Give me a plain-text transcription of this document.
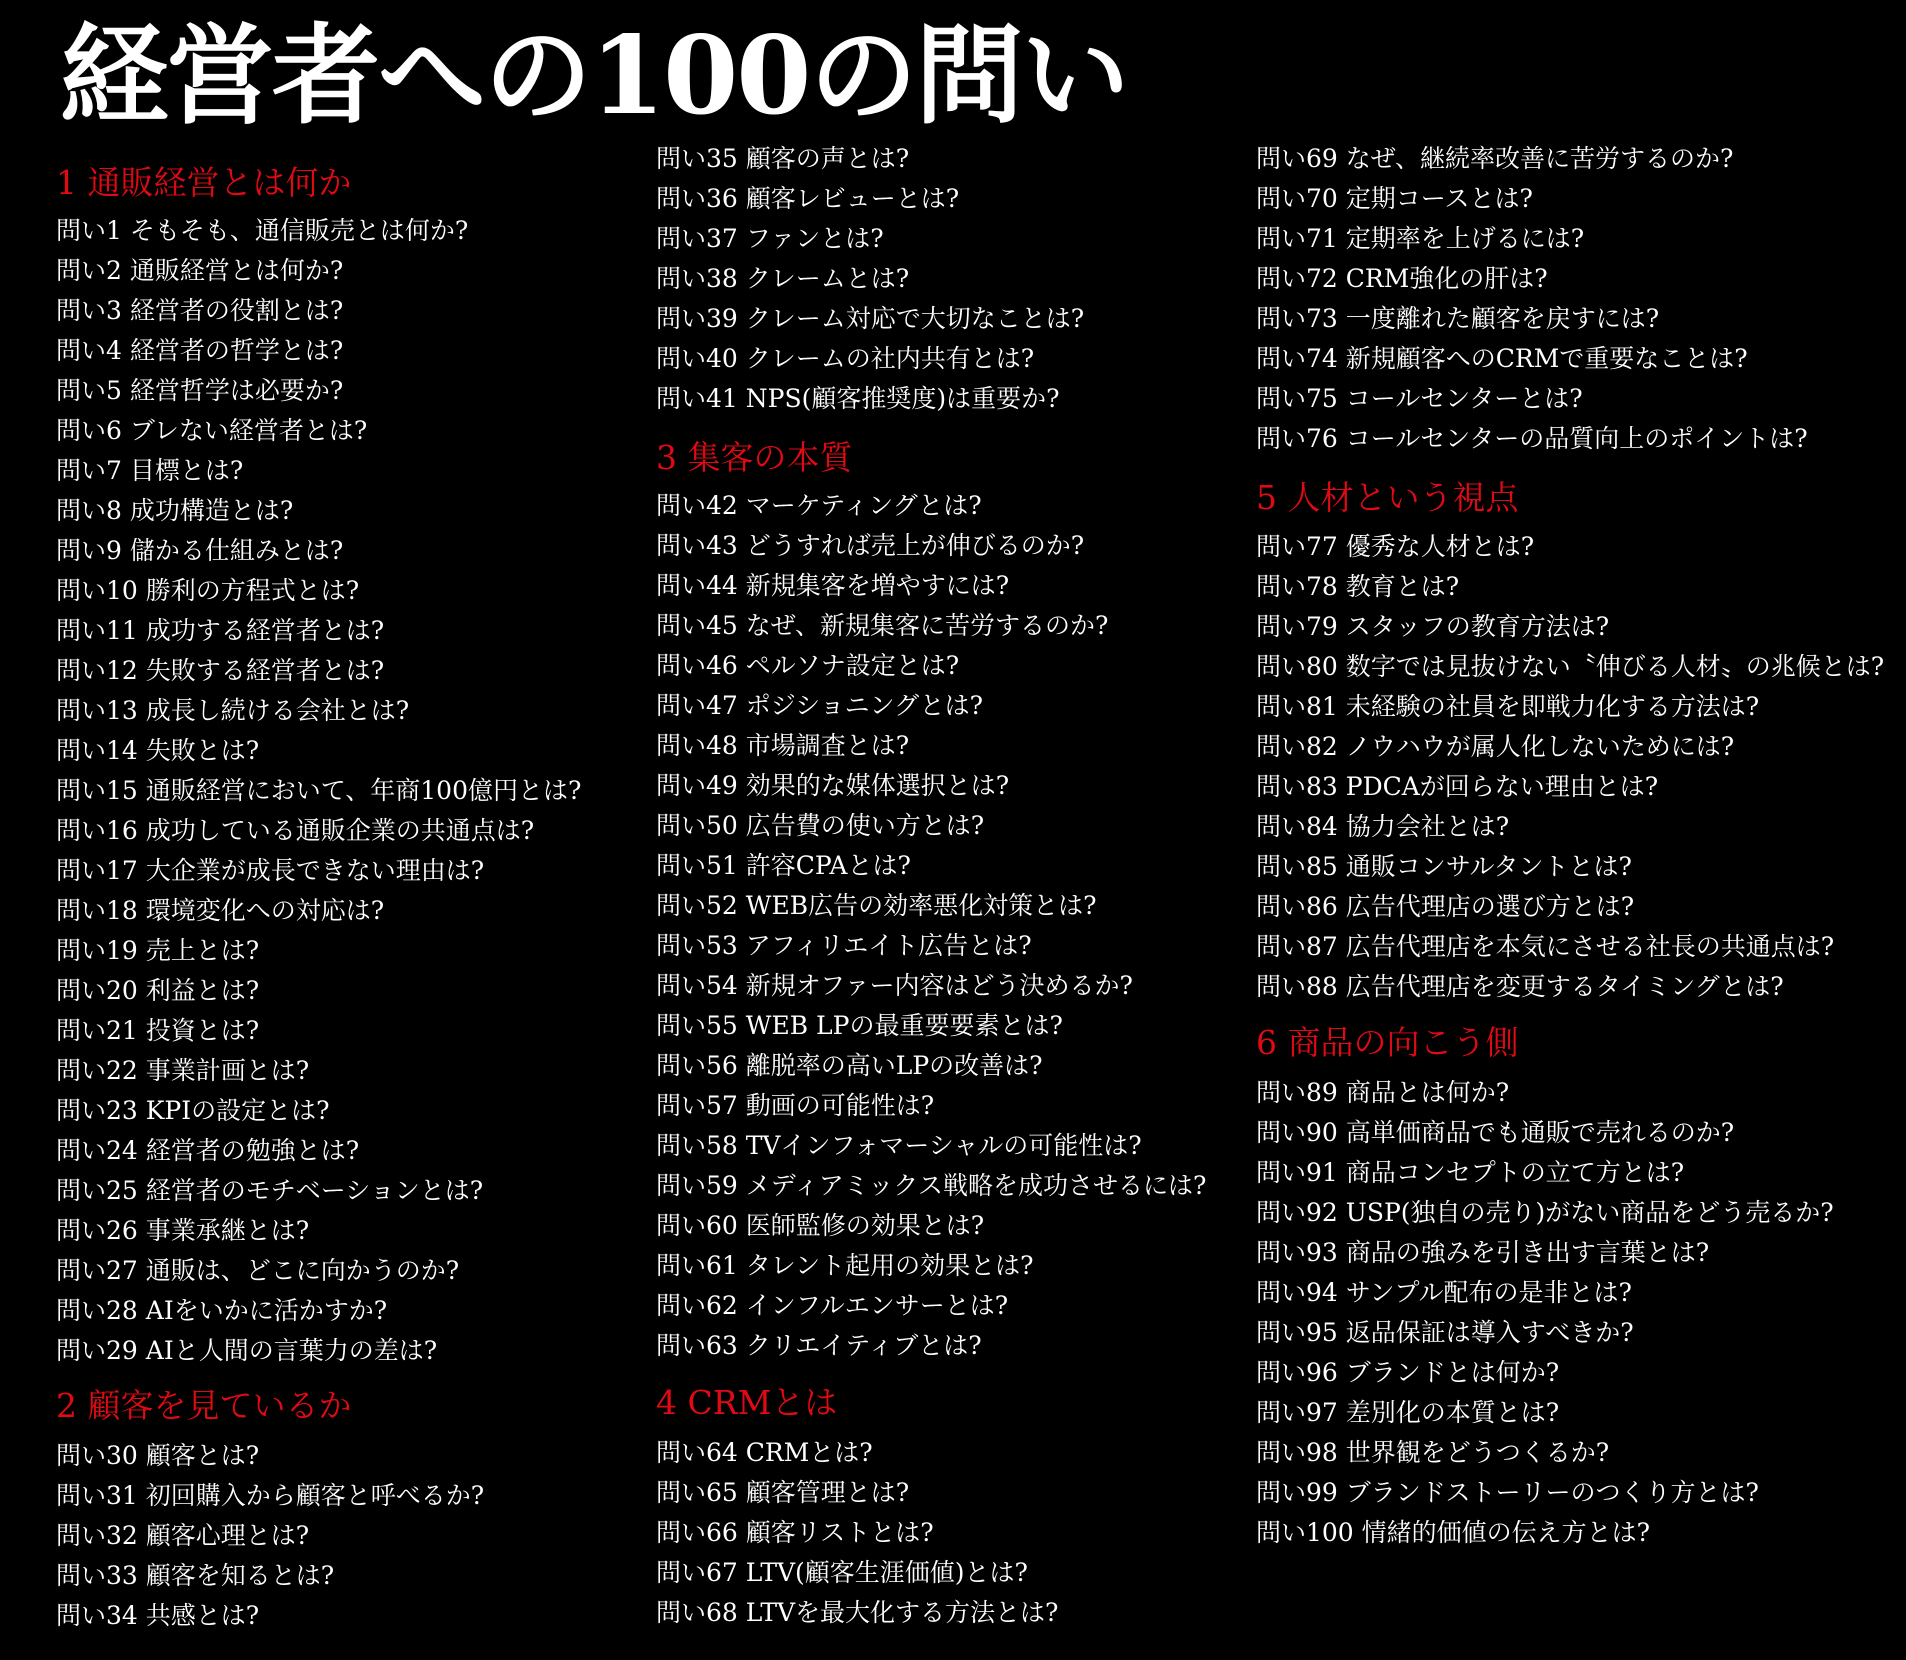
経営者への100の問い
1 通販経営とは何か
問い1 そもそも、通信販売とは何か?
問い2 通販経営とは何か?
問い3 経営者の役割とは?
問い4 経営者の哲学とは?
問い5 経営哲学は必要か?
問い6 ブレない経営者とは?
問い7 目標とは?
問い8 成功構造とは?
問い9 儲かる仕組みとは?
問い10 勝利の方程式とは?
問い11 成功する経営者とは?
問い12 失敗する経営者とは?
問い13 成長し続ける会社とは?
問い14 失敗とは?
問い15 通販経営において、年商100億円とは?
問い16 成功している通販企業の共通点は?
問い17 大企業が成長できない理由は?
問い18 環境変化への対応は?
問い19 売上とは?
問い20 利益とは?
問い21 投資とは?
問い22 事業計画とは?
問い23 KPIの設定とは?
問い24 経営者の勉強とは?
問い25 経営者のモチベーションとは?
問い26 事業承継とは?
問い27 通販は、どこに向かうのか?
問い28 AIをいかに活かすか?
問い29 AIと人間の言葉力の差は?
2 顧客を見ているか
問い30 顧客とは?
問い31 初回購入から顧客と呼べるか?
問い32 顧客心理とは?
問い33 顧客を知るとは?
問い34 共感とは?
問い35 顧客の声とは?
問い36 顧客レビューとは?
問い37 ファンとは?
問い38 クレームとは?
問い39 クレーム対応で大切なことは?
問い40 クレームの社内共有とは?
問い41 NPS(顧客推奨度)は重要か?
3 集客の本質
問い42 マーケティングとは?
問い43 どうすれば売上が伸びるのか?
問い44 新規集客を増やすには?
問い45 なぜ、新規集客に苦労するのか?
問い46 ペルソナ設定とは?
問い47 ポジショニングとは?
問い48 市場調査とは?
問い49 効果的な媒体選択とは?
問い50 広告費の使い方とは?
問い51 許容CPAとは?
問い52 WEB広告の効率悪化対策とは?
問い53 アフィリエイト広告とは?
問い54 新規オファー内容はどう決めるか?
問い55 WEB LPの最重要要素とは?
問い56 離脱率の高いLPの改善は?
問い57 動画の可能性は?
問い58 TVインフォマーシャルの可能性は?
問い59 メディアミックス戦略を成功させるには?
問い60 医師監修の効果とは?
問い61 タレント起用の効果とは?
問い62 インフルエンサーとは?
問い63 クリエイティブとは?
4 CRMとは
問い64 CRMとは?
問い65 顧客管理とは?
問い66 顧客リストとは?
問い67 LTV(顧客生涯価値)とは?
問い68 LTVを最大化する方法とは?
問い69 なぜ、継続率改善に苦労するのか?
問い70 定期コースとは?
問い71 定期率を上げるには?
問い72 CRM強化の肝は?
問い73 一度離れた顧客を戻すには?
問い74 新規顧客へのCRMで重要なことは?
問い75 コールセンターとは?
問い76 コールセンターの品質向上のポイントは?
5 人材という視点
問い77 優秀な人材とは?
問い78 教育とは?
問い79 スタッフの教育方法は?
問い80 数字では見抜けない〝伸びる人材〟の兆候とは?
問い81 未経験の社員を即戦力化する方法は?
問い82 ノウハウが属人化しないためには?
問い83 PDCAが回らない理由とは?
問い84 協力会社とは?
問い85 通販コンサルタントとは?
問い86 広告代理店の選び方とは?
問い87 広告代理店を本気にさせる社長の共通点は?
問い88 広告代理店を変更するタイミングとは?
6 商品の向こう側
問い89 商品とは何か?
問い90 高単価商品でも通販で売れるのか?
問い91 商品コンセプトの立て方とは?
問い92 USP(独自の売り)がない商品をどう売るか?
問い93 商品の強みを引き出す言葉とは?
問い94 サンプル配布の是非とは?
問い95 返品保証は導入すべきか?
問い96 ブランドとは何か?
問い97 差別化の本質とは?
問い98 世界観をどうつくるか?
問い99 ブランドストーリーのつくり方とは?
問い100 情緒的価値の伝え方とは?
